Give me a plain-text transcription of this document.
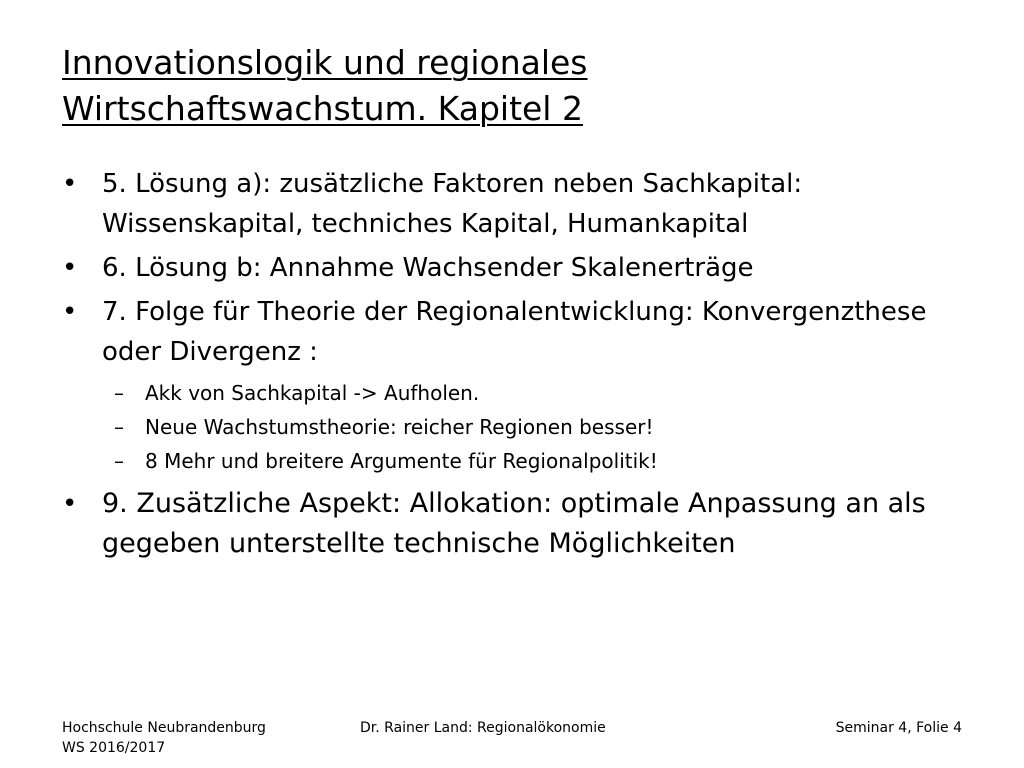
Innovationslogik und regionales
Wirtschaftswachstum. Kapitel 2
• 5. Lösung a): zusätzliche Faktoren neben Sachkapital: Wissenskapital, techniches Kapital, Humankapital
• 6. Lösung b: Annahme Wachsender Skalenerträge
• 7. Folge für Theorie der Regionalentwicklung: Konvergenzthese oder Divergenz :
– Akk von Sachkapital -> Aufholen.
– Neue Wachstumstheorie: reicher Regionen besser!
– 8 Mehr und breitere Argumente für Regionalpolitik!
• 9. Zusätzliche Aspekt: Allokation: optimale Anpassung an als gegeben unterstellte technische Möglichkeiten
Hochschule Neubrandenburg
WS 2016/2017
Dr. Rainer Land: Regionalökonomie	Seminar 4, Folie 4
